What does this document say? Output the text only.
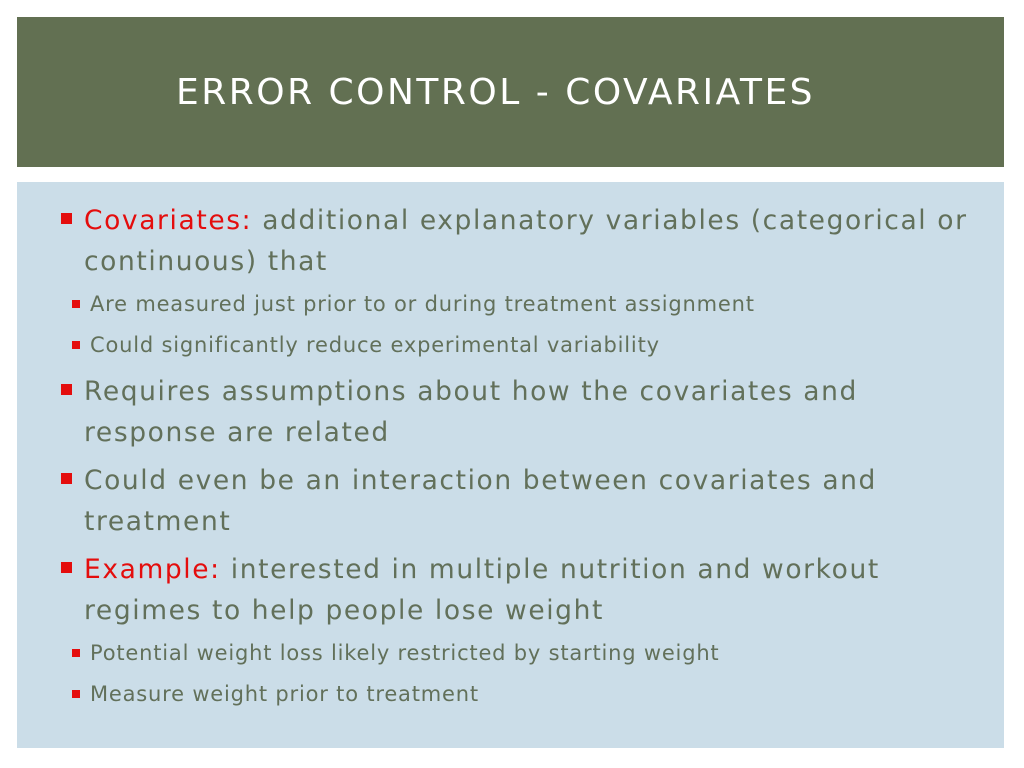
ERROR CONTROL - COVARIATES
Covariates: additional explanatory variables (categorical or continuous) that
Are measured just prior to or during treatment assignment
Could significantly reduce experimental variability
Requires assumptions about how the covariates and response are related
Could even be an interaction between covariates and treatment
Example: interested in multiple nutrition and workout regimes to help people lose weight
Potential weight loss likely restricted by starting weight
Measure weight prior to treatment
